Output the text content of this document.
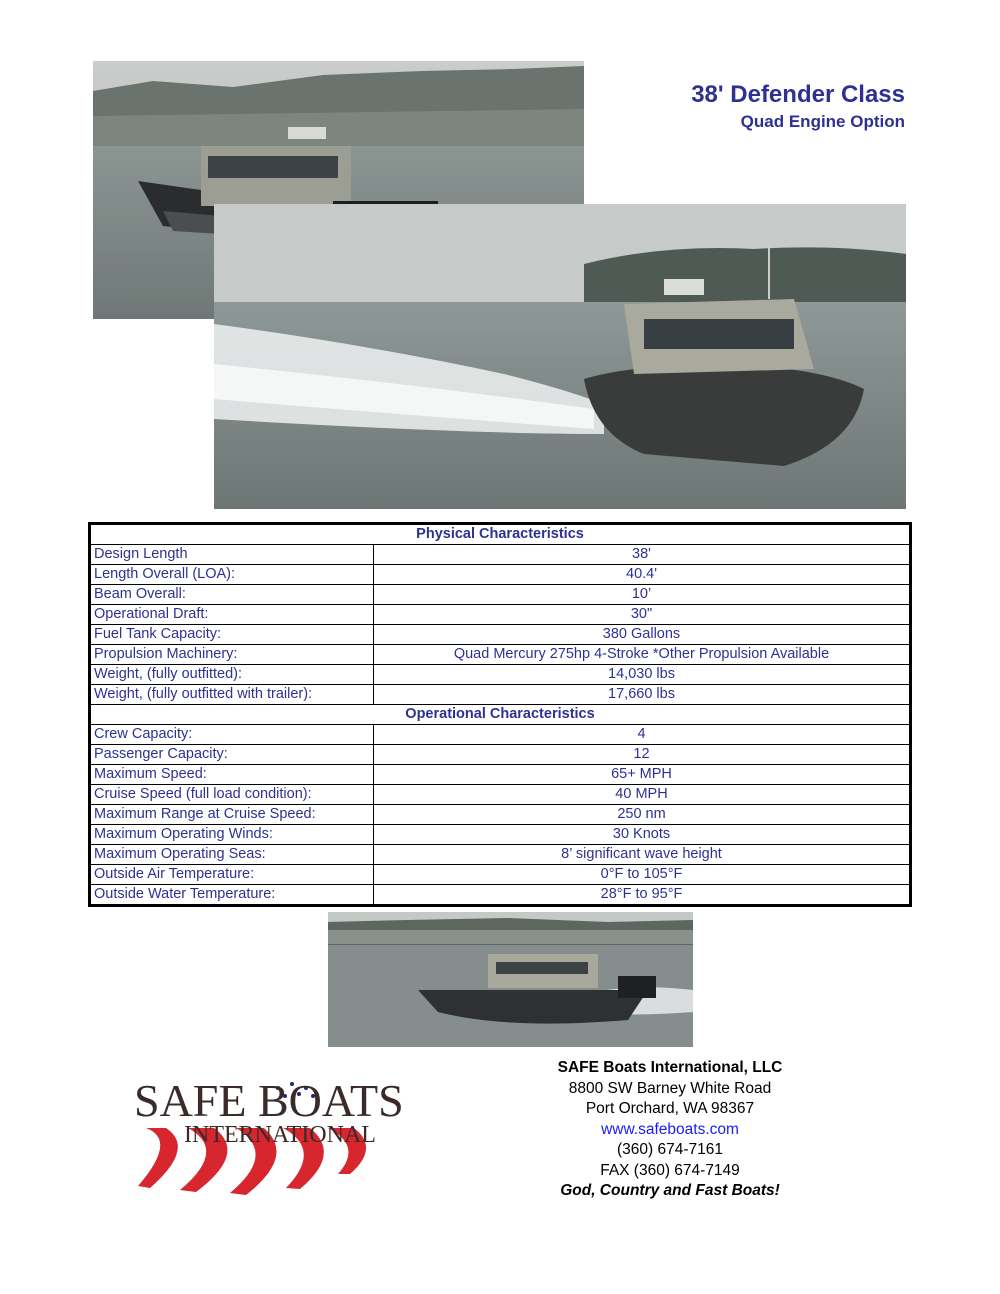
38' Defender Class
Quad Engine Option
Physical Characteristics	
Design Length	38'
Length Overall (LOA):	40.4'
Beam Overall:	10’
Operational Draft:	30"
Fuel Tank Capacity:	380 Gallons
Propulsion Machinery:	Quad Mercury 275hp 4-Stroke *Other Propulsion Available
Weight, (fully outfitted):	14,030 lbs
Weight, (fully outfitted with trailer):	17,660 lbs
Operational Characteristics	
Crew Capacity:	4
Passenger Capacity:	12
Maximum Speed:	65+ MPH
Cruise Speed (full load condition):	40 MPH
Maximum Range at Cruise Speed:	250 nm
Maximum Operating Winds:	30 Knots
Maximum Operating Seas:	8’ significant wave height
Outside Air Temperature:	0°F to 105°F
Outside Water Temperature:	28°F to 95°F
SAFE BOATS
INTERNATIONAL
SAFE Boats International, LLC
8800 SW Barney White Road
Port Orchard, WA 98367
www.safeboats.com
(360) 674-7161
FAX (360) 674-7149
God, Country and Fast Boats!
